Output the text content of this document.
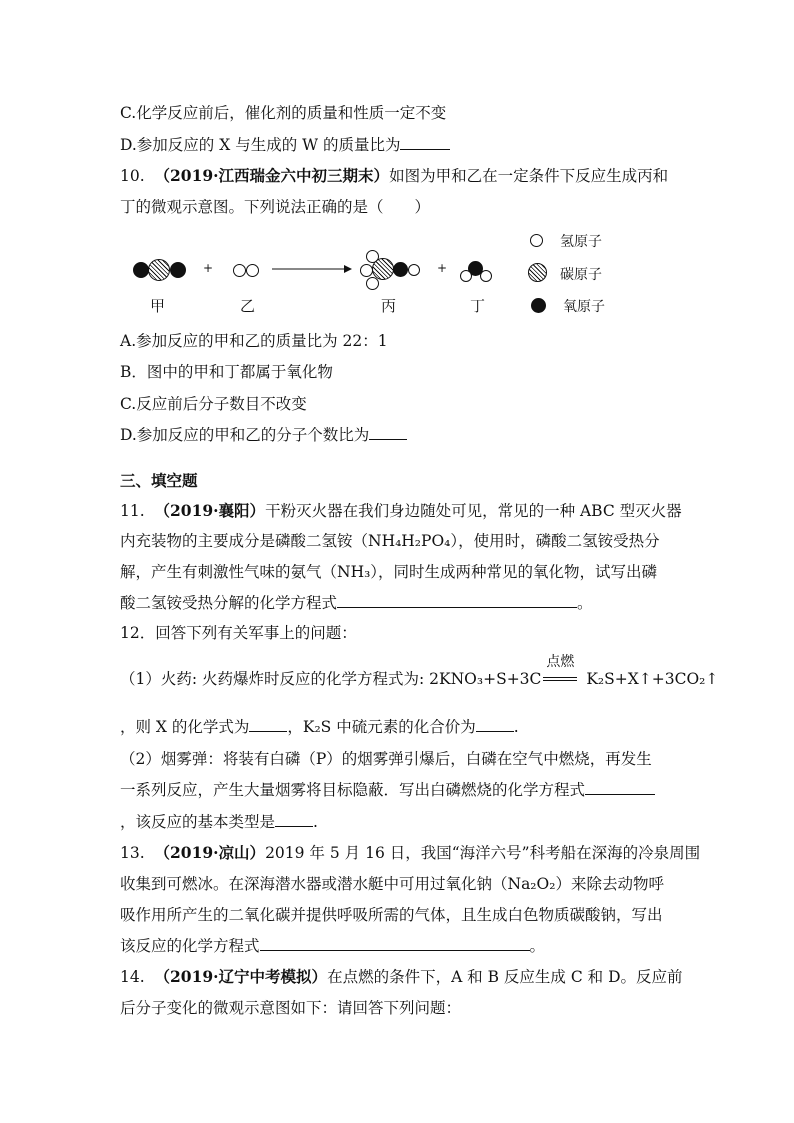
C.化学反应前后，催化剂的质量和性质一定不变
D.参加反应的 X 与生成的 W 的质量比为
10. （2019·江西瑞金六中初三期末）如图为甲和乙在一定条件下反应生成丙和
丁的微观示意图。下列说法正确的是（　　）
甲
+
乙	丙
+
丁
氢原子
碳原子
氧原子
A.参加反应的甲和乙的质量比为 22：1
B．图中的甲和丁都属于氧化物
C.反应前后分子数目不改变
D.参加反应的甲和乙的分子个数比为
三、填空题
11. （2019·襄阳）干粉灭火器在我们身边随处可见，常见的一种 ABC 型灭火器
内充装物的主要成分是磷酸二氢铵（NH₄H₂PO₄），使用时，磷酸二氢铵受热分
解，产生有刺激性气味的氨气（NH₃），同时生成两种常见的氧化物，试写出磷
酸二氢铵受热分解的化学方程式	。
12．回答下列有关军事上的问题：
（1）火药: 火药爆炸时反应的化学方程式为: 2KNO₃+S+3C
点燃
K₂S+X↑+3CO₂↑
，则 X 的化学式为 ，K₂S 中硫元素的化合价为 .
（2）烟雾弹：将装有白磷（P）的烟雾弹引爆后，白磷在空气中燃烧，再发生
一系列反应，产生大量烟雾将目标隐蔽．写出白磷燃烧的化学方程式
，该反应的基本类型是 .
13. （2019·凉山）2019 年 5 月 16 日，我国“海洋六号”科考船在深海的冷泉周围
收集到可燃冰。在深海潜水器或潜水艇中可用过氧化钠（Na₂O₂）来除去动物呼
吸作用所产生的二氧化碳并提供呼吸所需的气体，且生成白色物质碳酸钠，写出
该反应的化学方程式	。
14. （2019·辽宁中考模拟）在点燃的条件下，A 和 B 反应生成 C 和 D。反应前
后分子变化的微观示意图如下：请回答下列问题：
